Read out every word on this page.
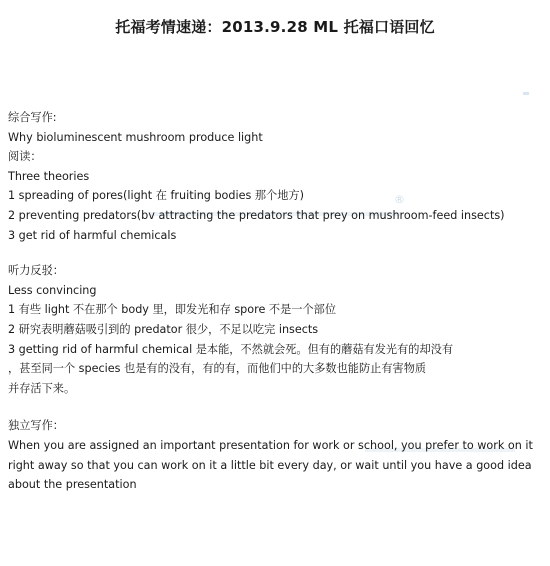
托福考情速递：2013.9.28 ML 托福口语回忆
®
综合写作:
Why bioluminescent mushroom produce light
阅读：
Three theories
1 spreading of pores(light 在 fruiting bodies 那个地方)
2 preventing predators(bv attracting the predators that prey on mushroom-feed insects)
3 get rid of harmful chemicals
听力反驳：
Less convincing
1 有些 light 不在那个 body 里，即发光和存 spore 不是一个部位
2 研究表明蘑菇吸引到的 predator 很少，不足以吃完 insects
3 getting rid of harmful chemical 是本能，不然就会死。但有的蘑菇有发光有的却没有
，甚至同一个 species 也是有的没有，有的有，而他们中的大多数也能防止有害物质
并存活下来。
独立写作：
When you are assigned an important presentation for work or school, you prefer to work on it right away so that you can work on it a little bit every day, or wait until you have a good idea about the presentation
